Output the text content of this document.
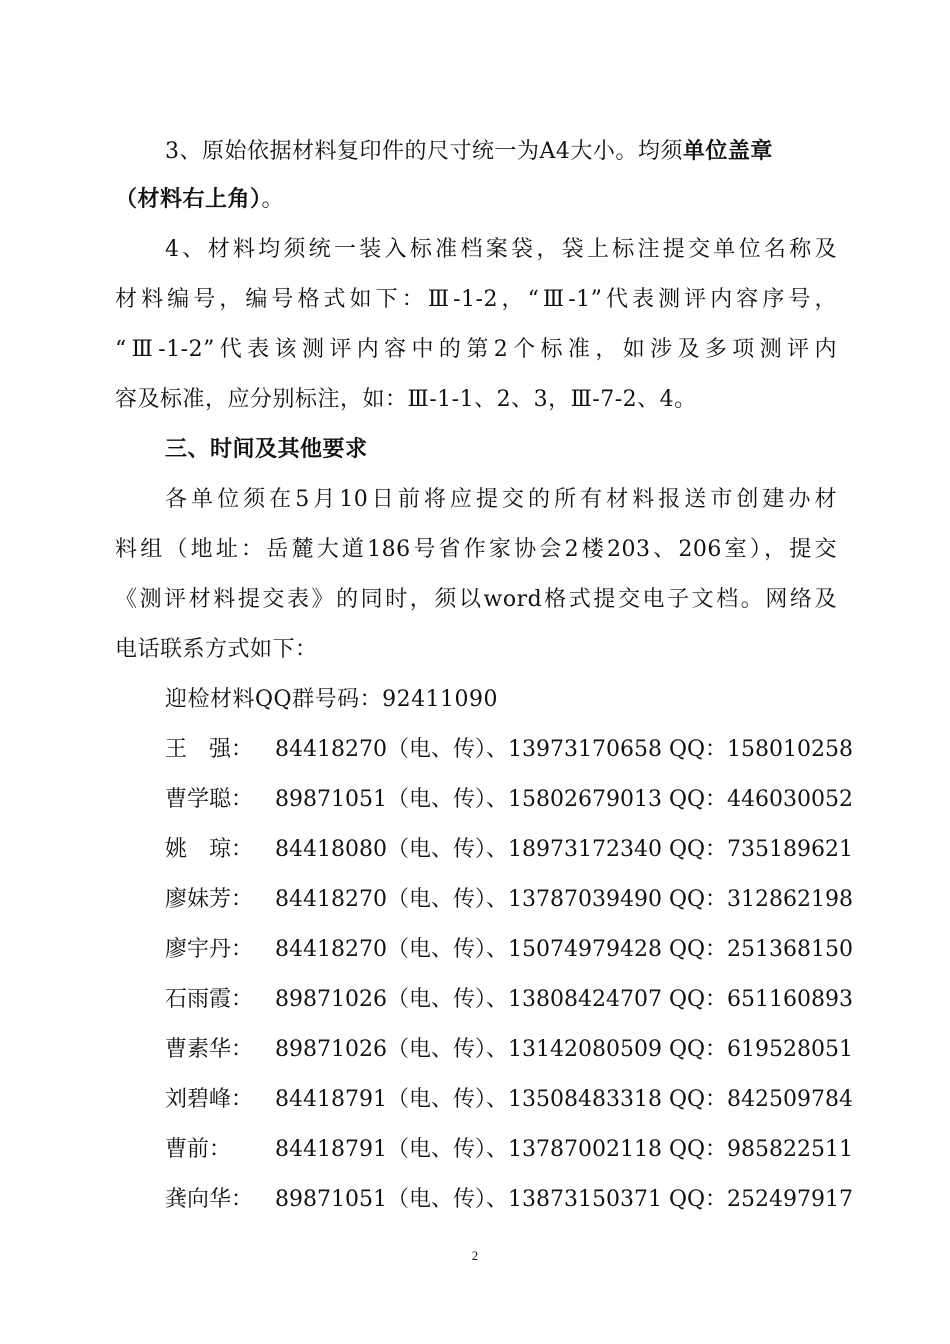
3、原始依据材料复印件的尺寸统一为A4大小。均须单位盖章
（材料右上角）。
4、材料均须统一装入标准档案袋，袋上标注提交单位名称及
材料编号，编号格式如下：Ⅲ-1-2，“Ⅲ-1”代表测评内容序号，
“Ⅲ-1-2”代表该测评内容中的第2个标准，如涉及多项测评内
容及标准，应分别标注，如：Ⅲ-1-1、2、3，Ⅲ-7-2、4。
三、时间及其他要求
各单位须在5月10日前将应提交的所有材料报送市创建办材
料组（地址：岳麓大道186号省作家协会2楼203、206室），提交
《测评材料提交表》的同时，须以word格式提交电子文档。网络及
电话联系方式如下：
迎检材料QQ群号码：92411090
王　强： 84418270（电、传）、13973170658 QQ：158010258
曹学聪： 89871051（电、传）、15802679013 QQ：446030052
姚　琼： 84418080（电、传）、18973172340 QQ：735189621
廖妹芳： 84418270（电、传）、13787039490 QQ：312862198
廖宇丹： 84418270（电、传）、15074979428 QQ：251368150
石雨霞： 89871026（电、传）、13808424707 QQ：651160893
曹素华： 89871026（电、传）、13142080509 QQ：619528051
刘碧峰： 84418791（电、传）、13508483318 QQ：842509784
曹前：	84418791（电、传）、13787002118 QQ：985822511
龚向华： 89871051（电、传）、13873150371 QQ：252497917
2
